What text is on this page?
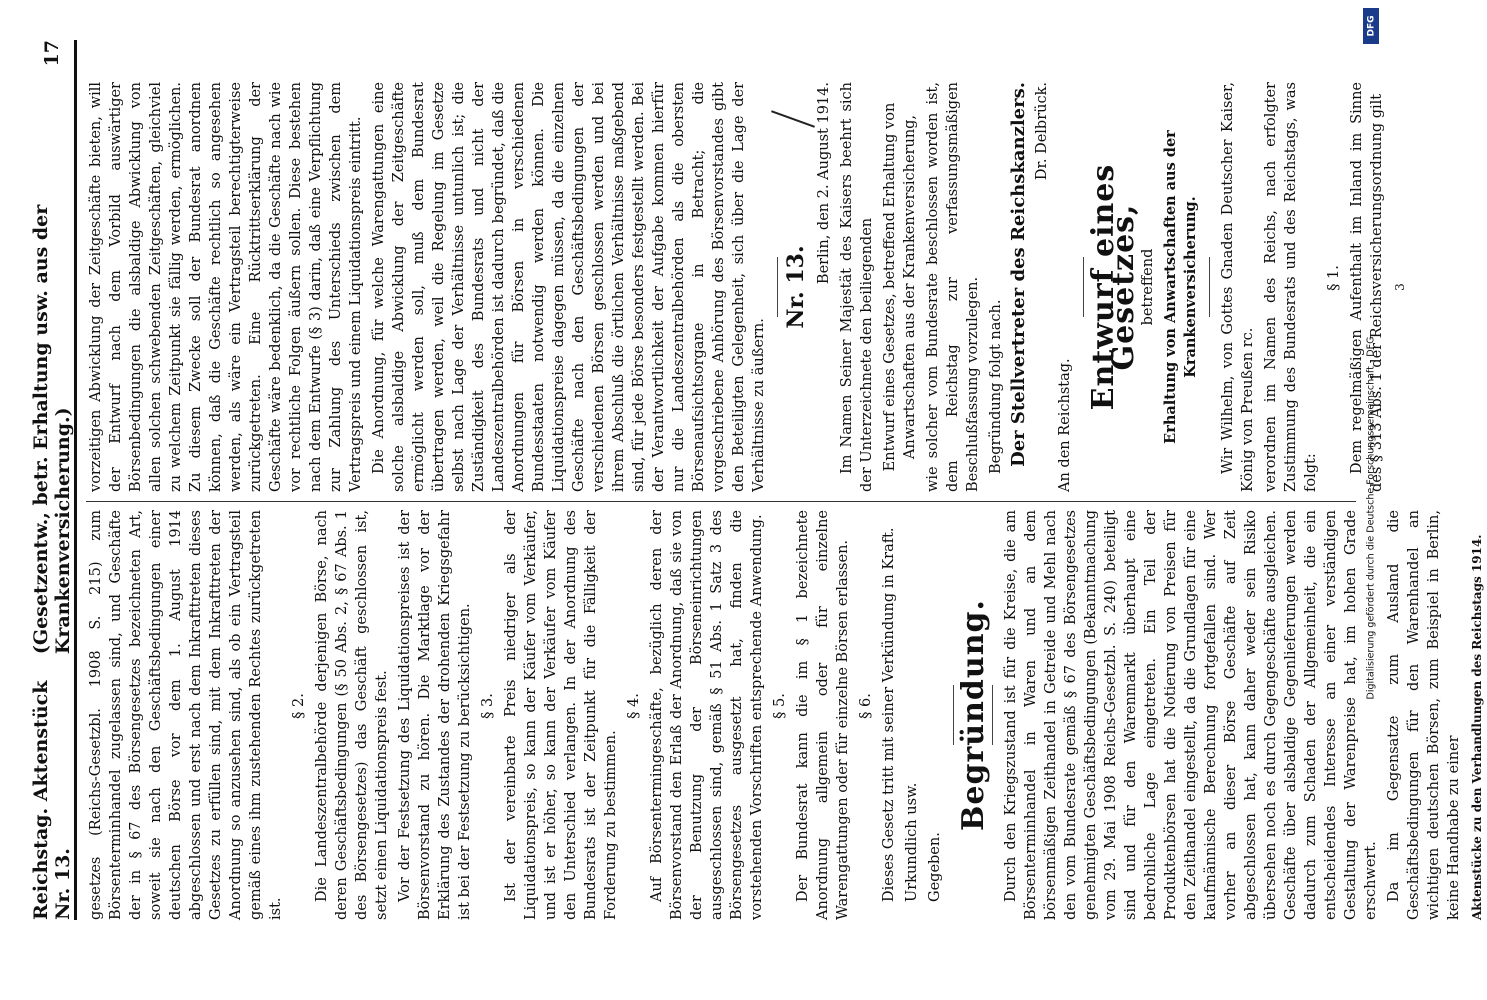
Reichstag. Aktenstück Nr. 13.
(Gesetzentw., betr. Erhaltung usw. aus der Krankenversicherung.)
17

gesetzes (Reichs-Gesetzbl. 1908 S. 215) zum Börsenterminhandel zugelassen sind, und Geschäfte der in § 67 des Börsengesetzes bezeichneten Art, soweit sie nach den Geschäftsbedingungen einer deutschen Börse vor dem 1. August 1914 abgeschlossen und erst nach dem Inkrafttreten dieses Gesetzes zu erfüllen sind, mit dem Inkrafttreten der Anordnung so anzusehen sind, als ob ein Vertragsteil gemäß eines ihm zustehenden Rechtes zurückgetreten ist.

§ 2. Die Landeszentralbehörde derjenigen Börse, nach deren Geschäftsbedingungen (§ 50 Abs. 2, § 67 Abs. 1 des Börsengesetzes) das Geschäft geschlossen ist, setzt einen Liquidationspreis fest. Vor der Festsetzung des Liquidationspreises ist der Börsenvorstand zu hören. Die Marktlage vor der Erklärung des Zustandes der drohenden Kriegsgefahr ist bei der Festsetzung zu berücksichtigen. § 3. Ist der vereinbarte Preis niedriger als der Liquidationspreis, so kann der Käufer vom Verkäufer, und ist er höher, so kann der Verkäufer vom Käufer den Unterschied verlangen. In der Anordnung des Bundesrats ist der Zeitpunkt für die Fälligkeit der Forderung zu bestimmen.

§ 4. Auf Börsentermingeschäfte, bezüglich deren der Börsenvorstand den Erlaß der Anordnung, daß sie von der Benutzung der Börseneinrichtungen ausgeschlossen sind, gemäß § 51 Abs. 1 Satz 3 des Börsengesetzes ausgesetzt hat, finden die vorstehenden Vorschriften entsprechende Anwendung. § 5. Der Bundesrat kann die im § 1 bezeichnete Anordnung allgemein oder für einzelne Warengattungen oder für einzelne Börsen erlassen. § 6. Dieses Gesetz tritt mit seiner Verkündung in Kraft. Urkundlich usw. Gegeben.

Begründung. Durch den Kriegszustand ist für die Kreise, die am Börsenterminhandel in Waren und an dem börsenmäßigen Zeithandel in Getreide und Mehl nach den vom Bundesrate gemäß § 67 des Börsengesetzes genehmigten Geschäftsbedingungen (Bekanntmachung vom 29. Mai 1908 Reichs-Gesetzbl. S. 240) beteiligt sind und für den Warenmarkt überhaupt eine bedrohliche Lage eingetreten. Ein Teil der Produktenbörsen hat die Notierung von Preisen für den Zeithandel eingestellt, da die Grundlagen für eine kaufmännische Berechnung fortgefallen sind. Wer vorher an dieser Börse Geschäfte auf Zeit abgeschlossen hat, kann daher weder sein Risiko übersehen noch es durch Gegengeschäfte ausgleichen. Geschäfte über alsbaldige Gegenlieferungen werden dadurch zum Schaden der Allgemeinheit, die ein entscheidendes Interesse an einer verständigen Gestaltung der Warenpreise hat, im hohen Grade erschwert. Da im Gegensatze zum Ausland die Geschäftsbedingungen für den Warenhandel an wichtigen deutschen Börsen, zum Beispiel in Berlin, keine Handhabe zu einer Aktenstücke zu den Verhandlungen des Reichstags 1914.

vorzeitigen Abwicklung der Zeitgeschäfte bieten, will der Entwurf nach dem Vorbild auswärtiger Börsenbedingungen die alsbaldige Abwicklung von allen solchen schwebenden Zeitgeschäften, gleichviel zu welchem Zeitpunkt sie fällig werden, ermöglichen. Zu diesem Zwecke soll der Bundesrat anordnen können, daß die Geschäfte rechtlich so angesehen werden, als wäre ein Vertragsteil berechtigterweise zurückgetreten. Eine Rücktrittserklärung der Geschäfte wäre bedenklich, da die Geschäfte nach wie vor rechtliche Folgen äußern sollen. Diese bestehen nach dem Entwurfe (§ 3) darin, daß eine Verpflichtung zur Zahlung des Unterschieds zwischen dem Vertragspreis und einem Liquidationspreis eintritt. Die Anordnung, für welche Warengattungen eine solche alsbaldige Abwicklung der Zeitgeschäfte ermöglicht werden soll, muß dem Bundesrat übertragen werden, weil die Regelung im Gesetze selbst nach Lage der Verhältnisse untunlich ist; die Zuständigkeit des Bundesrats und nicht der Landeszentralbehörden ist dadurch begründet, daß die Anordnungen für Börsen in verschiedenen Bundesstaaten notwendig werden können. Die Liquidationspreise dagegen müssen, da die einzelnen Geschäfte nach den Geschäftsbedingungen der verschiedenen Börsen geschlossen werden und bei ihrem Abschluß die örtlichen Verhältnisse maßgebend sind, für jede Börse besonders festgestellt werden. Bei der Verantwortlichkeit der Aufgabe kommen hierfür nur die Landeszentralbehörden als die obersten Börsenaufsichtsorgane in Betracht; die vorgeschriebene Anhörung des Börsenvorstandes gibt den Beteiligten Gelegenheit, sich über die Lage der Verhältnisse zu äußern.

Nr. 13.

Berlin, den 2. August 1914. Im Namen Seiner Majestät des Kaisers beehrt sich der Unterzeichnete den beiliegenden Entwurf eines Gesetzes, betreffend Erhaltung von Anwartschaften aus der Krankenversicherung, wie solcher vom Bundesrate beschlossen worden ist, dem Reichstag zur verfassungsmäßigen Beschlußfassung vorzulegen. Begründung folgt nach. Der Stellvertreter des Reichskanzlers. Dr. Delbrück.

An den Reichstag.

Entwurf eines Gesetzes, betreffend Erhaltung von Anwartschaften aus der Krankenversicherung. Wir Wilhelm, von Gottes Gnaden Deutscher Kaiser, König von Preußen rc. verordnen im Namen des Reichs, nach erfolgter Zustimmung des Bundesrats und des Reichstags, was folgt:

§ 1. Dem regelmäßigen Aufenthalt im Inland im Sinne des § 313 Abs. 1 der Reichsversicherungsordnung gilt 3

DFG
Digitalisierung gefördert durch die Deutsche Forschungsgemeinschaft - DFG
